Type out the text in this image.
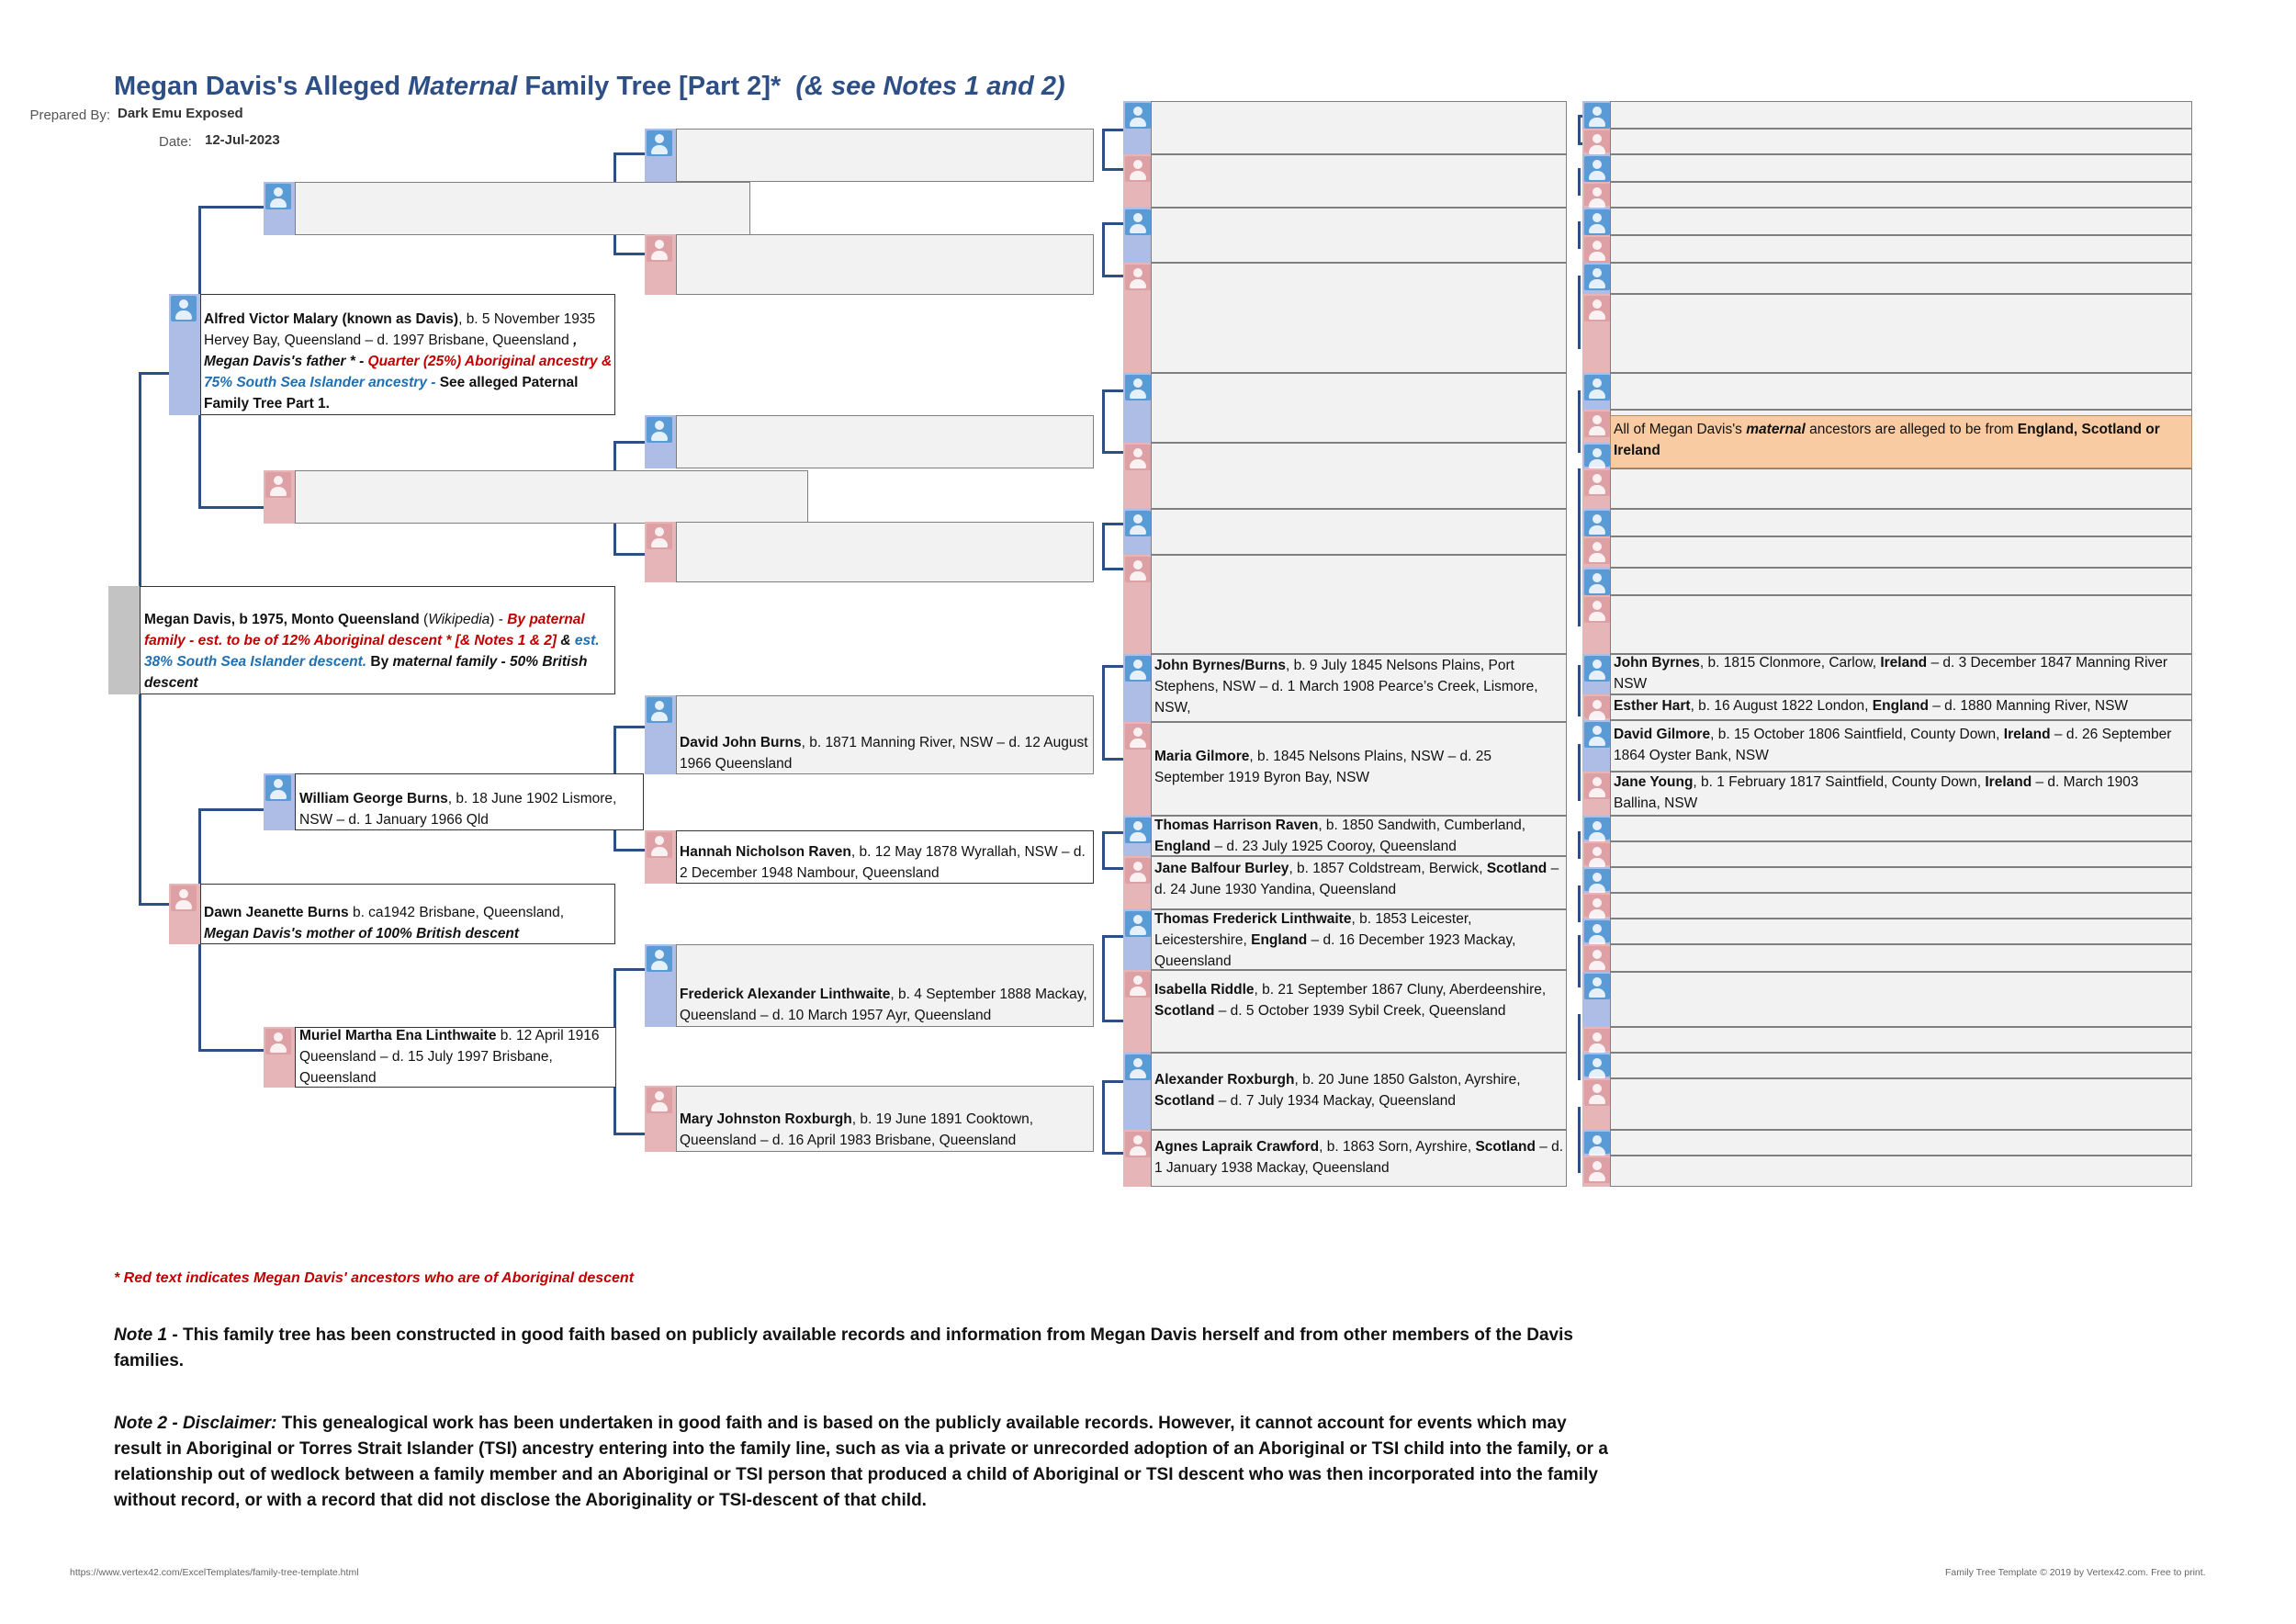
Megan Davis's Alleged Maternal Family Tree [Part 2]* (& see Notes 1 and 2)
Prepared By: Dark Emu Exposed
Date: 12-Jul-2023
Megan Davis, b 1975, Monto Queensland (Wikipedia) - By paternal family - est. to be of 12% Aboriginal descent * [& Notes 1 & 2] & est. 38% South Sea Islander descent. By maternal family - 50% British descent
Alfred Victor Malary (known as Davis), b. 5 November 1935 Hervey Bay, Queensland – d. 1997 Brisbane, Queensland , Megan Davis's father * - Quarter (25%) Aboriginal ancestry & 75% South Sea Islander ancestry - See alleged Paternal Family Tree Part 1.
Dawn Jeanette Burns b. ca1942 Brisbane, Queensland,
Megan Davis's mother of 100% British descent
William George Burns, b. 18 June 1902 Lismore, NSW – d. 1 January 1966 Qld
Muriel Martha Ena Linthwaite b. 12 April 1916 Queensland – d. 15 July 1997 Brisbane, Queensland
David John Burns, b. 1871 Manning River, NSW – d. 12 August 1966 Queensland
Hannah Nicholson Raven, b. 12 May 1878 Wyrallah, NSW – d. 2 December 1948 Nambour, Queensland
Frederick Alexander Linthwaite, b. 4 September 1888 Mackay, Queensland – d. 10 March 1957 Ayr, Queensland
Mary Johnston Roxburgh, b. 19 June 1891 Cooktown, Queensland – d. 16 April 1983 Brisbane, Queensland
John Byrnes/Burns, b. 9 July 1845 Nelsons Plains, Port Stephens, NSW – d. 1 March 1908 Pearce’s Creek, Lismore, NSW,
Maria Gilmore, b. 1845 Nelsons Plains, NSW – d. 25 September 1919 Byron Bay, NSW
Thomas Harrison Raven, b. 1850 Sandwith, Cumberland, England – d. 23 July 1925 Cooroy, Queensland
Jane Balfour Burley, b. 1857 Coldstream, Berwick, Scotland – d. 24 June 1930 Yandina, Queensland
Thomas Frederick Linthwaite, b. 1853 Leicester, Leicestershire, England – d. 16 December 1923 Mackay, Queensland
Isabella Riddle, b. 21 September 1867 Cluny, Aberdeenshire, Scotland – d. 5 October 1939 Sybil Creek, Queensland
Alexander Roxburgh, b. 20 June 1850 Galston, Ayrshire, Scotland – d. 7 July 1934 Mackay, Queensland
Agnes Lapraik Crawford, b. 1863 Sorn, Ayrshire, Scotland – d. 1 January 1938 Mackay, Queensland
John Byrnes, b. 1815 Clonmore, Carlow, Ireland – d. 3 December 1847 Manning River NSW
Esther Hart, b. 16 August 1822 London, England – d. 1880 Manning River, NSW
David Gilmore, b. 15 October 1806 Saintfield, County Down, Ireland – d. 26 September 1864 Oyster Bank, NSW
Jane Young, b. 1 February 1817 Saintfield, County Down, Ireland – d. March 1903 Ballina, NSW
All of Megan Davis's maternal ancestors are alleged to be from England, Scotland or Ireland
* Red text indicates Megan Davis' ancestors who are of Aboriginal descent
Note 1 - This family tree has been constructed in good faith based on publicly available records and information from Megan Davis herself and from other members of the Davis families.
Note 2 - Disclaimer: This genealogical work has been undertaken in good faith and is based on the publicly available records. However, it cannot account for events which may result in Aboriginal or Torres Strait Islander (TSI) ancestry entering into the family line, such as via a private or unrecorded adoption of an Aboriginal or TSI child into the family, or a relationship out of wedlock between a family member and an Aboriginal or TSI person that produced a child of Aboriginal or TSI descent who was then incorporated into the family without record, or with a record that did not disclose the Aboriginality or TSI-descent of that child.
https://www.vertex42.com/ExcelTemplates/family-tree-template.html	Family Tree Template © 2019 by Vertex42.com. Free to print.
